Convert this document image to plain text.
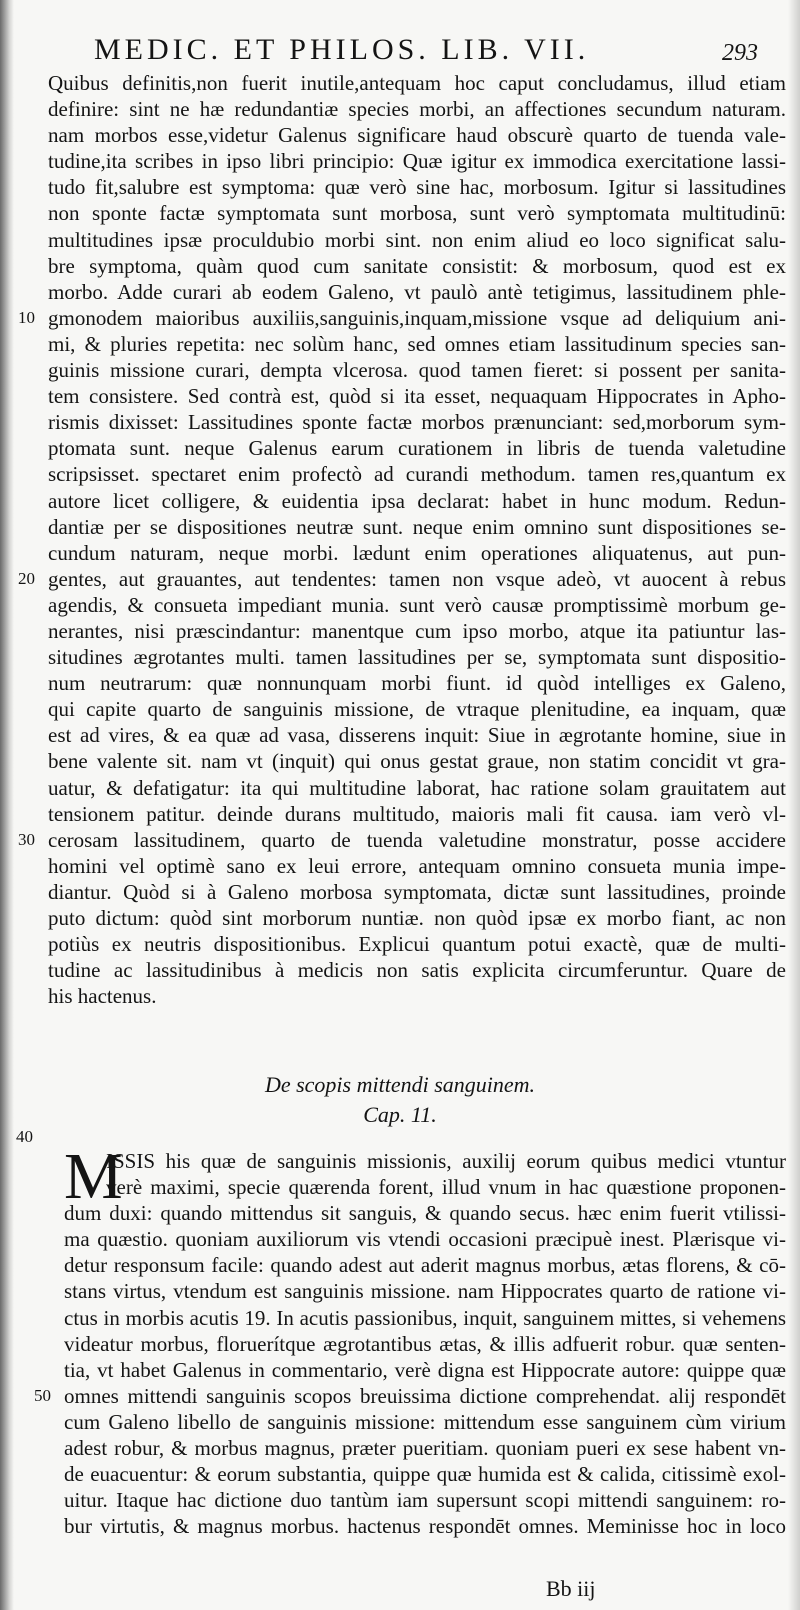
MEDIC. ET PHILOS. LIB. VII.	293
Quibus definitis,non fuerit inutile,antequam hoc caput concludamus, illud etiam
definire: sint ne hæ redundantiæ species morbi, an affectiones secundum naturam.
nam morbos esse,videtur Galenus significare haud obscurè quarto de tuenda vale-
tudine,ita scribes in ipso libri principio: Quæ igitur ex immodica exercitatione lassi-
tudo fit,salubre est symptoma: quæ verò sine hac, morbosum. Igitur si lassitudines
non sponte factæ symptomata sunt morbosa, sunt verò symptomata multitudinū:
multitudines ipsæ proculdubio morbi sint. non enim aliud eo loco significat salu-
bre symptoma, quàm quod cum sanitate consistit: & morbosum, quod est ex
morbo. Adde curari ab eodem Galeno, vt paulò antè tetigimus, lassitudinem phle-
gmonodem maioribus auxiliis,sanguinis,inquam,missione vsque ad deliquium ani-
10
mi, & pluries repetita: nec solùm hanc, sed omnes etiam lassitudinum species san-
guinis missione curari, dempta vlcerosa. quod tamen fieret: si possent per sanita-
tem consistere. Sed contrà est, quòd si ita esset, nequaquam Hippocrates in Apho-
rismis dixisset: Lassitudines sponte factæ morbos prænunciant: sed,morborum sym-
ptomata sunt. neque Galenus earum curationem in libris de tuenda valetudine
scripsisset. spectaret enim profectò ad curandi methodum. tamen res,quantum ex
autore licet colligere, & euidentia ipsa declarat: habet in hunc modum. Redun-
dantiæ per se dispositiones neutræ sunt. neque enim omnino sunt dispositiones se-
cundum naturam, neque morbi. lædunt enim operationes aliquatenus, aut pun-
gentes, aut grauantes, aut tendentes: tamen non vsque adeò, vt auocent à rebus
20
agendis, & consueta impediant munia. sunt verò causæ promptissimè morbum ge-
nerantes, nisi præscindantur: manentque cum ipso morbo, atque ita patiuntur las-
situdines ægrotantes multi. tamen lassitudines per se, symptomata sunt dispositio-
num neutrarum: quæ nonnunquam morbi fiunt. id quòd intelliges ex Galeno,
qui capite quarto de sanguinis missione, de vtraque plenitudine, ea inquam, quæ
est ad vires, & ea quæ ad vasa, disserens inquit: Siue in ægrotante homine, siue in
bene valente sit. nam vt (inquit) qui onus gestat graue, non statim concidit vt gra-
uatur, & defatigatur: ita qui multitudine laborat, hac ratione solam grauitatem aut
tensionem patitur. deinde durans multitudo, maioris mali fit causa. iam verò vl-
cerosam lassitudinem, quarto de tuenda valetudine monstratur, posse accidere
30
homini vel optimè sano ex leui errore, antequam omnino consueta munia impe-
diantur. Quòd si à Galeno morbosa symptomata, dictæ sunt lassitudines, proinde
puto dictum: quòd sint morborum nuntiæ. non quòd ipsæ ex morbo fiant, ac non
potiùs ex neutris dispositionibus. Explicui quantum potui exactè, quæ de multi-
tudine ac lassitudinibus à medicis non satis explicita circumferuntur. Quare de
his hactenus.
De scopis mittendi sanguinem.
Cap. 11.
40
M
ISSIS his quæ de sanguinis missionis, auxilij eorum quibus medici vtuntur
verè maximi, specie quærenda forent, illud vnum in hac quæstione proponen-
dum duxi: quando mittendus sit sanguis, & quando secus. hæc enim fuerit vtilissi-
ma quæstio. quoniam auxiliorum vis vtendi occasioni præcipuè inest. Plærisque vi-
detur responsum facile: quando adest aut aderit magnus morbus, ætas florens, & cō-
stans virtus, vtendum est sanguinis missione. nam Hippocrates quarto de ratione vi-
ctus in morbis acutis 19. In acutis passionibus, inquit, sanguinem mittes, si vehemens
videatur morbus, floruerítque ægrotantibus ætas, & illis adfuerit robur. quæ senten-
tia, vt habet Galenus in commentario, verè digna est Hippocrate autore: quippe quæ
omnes mittendi sanguinis scopos breuissima dictione comprehendat. alij respondēt
50
cum Galeno libello de sanguinis missione: mittendum esse sanguinem cùm virium
adest robur, & morbus magnus, præter pueritiam. quoniam pueri ex sese habent vn-
de euacuentur: & eorum substantia, quippe quæ humida est & calida, citissimè exol-
uitur. Itaque hac dictione duo tantùm iam supersunt scopi mittendi sanguinem: ro-
bur virtutis, & magnus morbus. hactenus respondēt omnes. Meminisse hoc in loco
Bb iij
